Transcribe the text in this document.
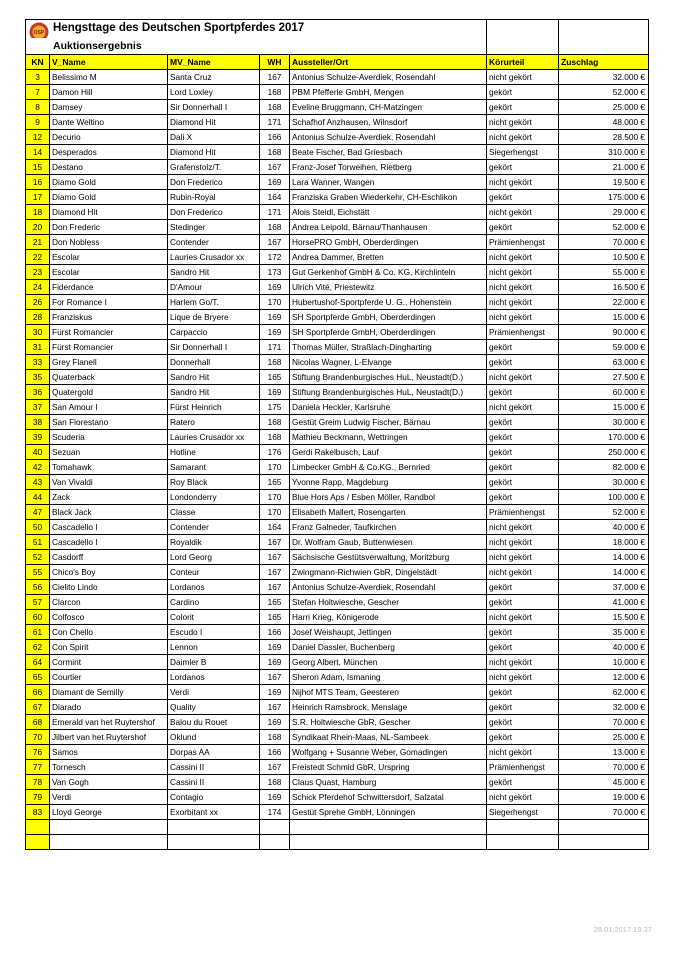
DSP Hengsttage des Deutschen Sportpferdes 2017						

Auktionsergebnis						

KN	V_Name	MV_Name	WH	Aussteller/Ort	Körurteil	Zuschlag
3	Belissimo M	Santa Cruz	167	Antonius Schulze-Averdiek, Rosendahl	nicht gekört	32.000 €
7	Damon Hill	Lord Loxley	168	PBM Pfefferle GmbH, Mengen	gekört	52.000 €
8	Damsey	Sir Donnerhall I	168	Eveline Bruggmann, CH-Matzingen	gekört	25.000 €
9	Dante Weltino	Diamond Hit	171	Schafhof Anzhausen, Wilnsdorf	nicht gekört	48.000 €
12	Decurio	Dali X	166	Antonius Schulze-Averdiek, Rosendahl	nicht gekört	28.500 €
14	Desperados	Diamond Hit	168	Beate Fischer, Bad Griesbach	Siegerhengst	310.000 €
15	Destano	Grafenstolz/T.	167	Franz-Josef Torweihen, Rietberg	gekört	21.000 €
16	Diamo Gold	Don Frederico	169	Lara Wanner, Wangen	nicht gekört	19.500 €
17	Diamo Gold	Rubin-Royal	164	Franziska Graben Wiederkehr, CH-Eschlikon	gekört	175.000 €
18	Diamond Hit	Don Frederico	171	Alois Steidl, Eichstätt	nicht gekört	29.000 €
20	Don Frederic	Stedinger	168	Andrea Leipold, Bärnau/Thanhausen	gekört	52.000 €
21	Don Nobless	Contender	167	HorsePRO GmbH, Oberderdingen	Prämienhengst	70.000 €
22	Escolar	Lauries Crusador xx	172	Andrea Dammer, Bretten	nicht gekört	10.500 €
23	Escolar	Sandro Hit	173	Gut Gerkenhof GmbH & Co. KG, Kirchlinteln	nicht gekört	55.000 €
24	Fiderdance	D'Amour	169	Ulrich Vité, Priestewitz	nicht gekört	16.500 €
26	For Romance I	Harlem Go/T.	170	Hubertushof-Sportpferde U. G., Hohenstein	nicht gekört	22.000 €
28	Franziskus	Lique de Bryere	169	SH Sportpferde GmbH, Oberderdingen	nicht gekört	15.000 €
30	Fürst Romancier	Carpaccio	169	SH Sportpferde GmbH, Oberderdingen	Prämienhengst	90.000 €
31	Fürst Romancier	Sir Donnerhall I	171	Thomas Müller, Straßlach-Dingharting	gekört	59.000 €
33	Grey Flanell	Donnerhall	168	Nicolas Wagner, L-Elvange	gekört	63.000 €
35	Quaterback	Sandro Hit	165	Stiftung Brandenburgisches HuL, Neustadt(D.)	nicht gekört	27.500 €
36	Quatergold	Sandro Hit	169	Stiftung Brandenburgisches HuL, Neustadt(D.)	gekört	60.000 €
37	San Amour I	Fürst Heinrich	175	Daniela Heckler, Karlsruhe	nicht gekört	15.000 €
38	San Florestano	Ratero	168	Gestüt Greim Ludwig Fischer, Bärnau	gekört	30.000 €
39	Scuderia	Lauries Crusador xx	168	Mathieu Beckmann, Wettringen	gekört	170.000 €
40	Sezuan	Hotline	176	Gerdi Rakelbusch, Lauf	gekört	250.000 €
42	Tomahawk	Samarant	170	Limbecker GmbH & Co.KG., Bernried	gekört	82.000 €
43	Van Vivaldi	Roy Black	165	Yvonne Rapp, Magdeburg	gekört	30.000 €
44	Zack	Londonderry	170	Blue Hors Aps / Esben Möller, Randbol	gekört	100.000 €
47	Black Jack	Classe	170	Elisabeth Mallert, Rosengarten	Prämienhengst	52.000 €
50	Cascadello I	Contender	164	Franz Galneder, Taufkirchen	nicht gekört	40.000 €
51	Cascadello I	Royaldik	167	Dr. Wolfram Gaub, Buttenwiesen	nicht gekört	18.000 €
52	Casdorff	Lord Georg	167	Sächsische Gestütsverwaltung, Moritzburg	nicht gekört	14.000 €
55	Chico's Boy	Conteur	167	Zwingmann-Richwien GbR, Dingelstädt	nicht gekört	14.000 €
56	Cielito Lindo	Lordanos	167	Antonius Schulze-Averdiek, Rosendahl	gekört	37.000 €
57	Clarcon	Cardino	165	Stefan Holtwiesche, Gescher	gekört	41.000 €
60	Colfosco	Colorit	165	Harri Krieg, Königerode	nicht gekört	15.500 €
61	Con Chello	Escudo I	166	Josef Weishaupt, Jettingen	gekört	35.000 €
62	Con Spirit	Lennon	169	Daniel Dassler, Buchenberg	gekört	40.000 €
64	Cormint	Daimler B	169	Georg Albert, München	nicht gekört	10.000 €
65	Courtier	Lordanos	167	Sheron Adam, Ismaning	nicht gekört	12.000 €
66	Diamant de Semilly	Verdi	169	Nijhof MTS Team, Geesteren	gekört	62.000 €
67	Diarado	Quality	167	Heinrich Ramsbrock, Menslage	gekört	32.000 €
68	Emerald van het Ruytershof	Balou du Rouet	169	S.R. Holtwiesche GbR, Gescher	gekört	70.000 €
70	Jilbert van het Ruytershof	Oklund	168	Syndikaat Rhein-Maas, NL-Sambeek	gekört	25.000 €
76	Samos	Dorpas AA	166	Wolfgang + Susanne Weber, Gomadingen	nicht gekört	13.000 €
77	Tornesch	Cassini II	167	Freistedt Schmid GbR, Urspring	Prämienhengst	70.000 €
78	Van Gogh	Cassini II	168	Claus Quast, Hamburg	gekört	45.000 €
79	Verdi	Contagio	169	Schick Pferdehof Schwittersdorf, Salzatal	nicht gekört	19.000 €
83	Lloyd George	Exorbitant xx	174	Gestüt Sprehe GmbH, Lönningen	Siegerhengst	70.000 €

28.01.2017 19:37
